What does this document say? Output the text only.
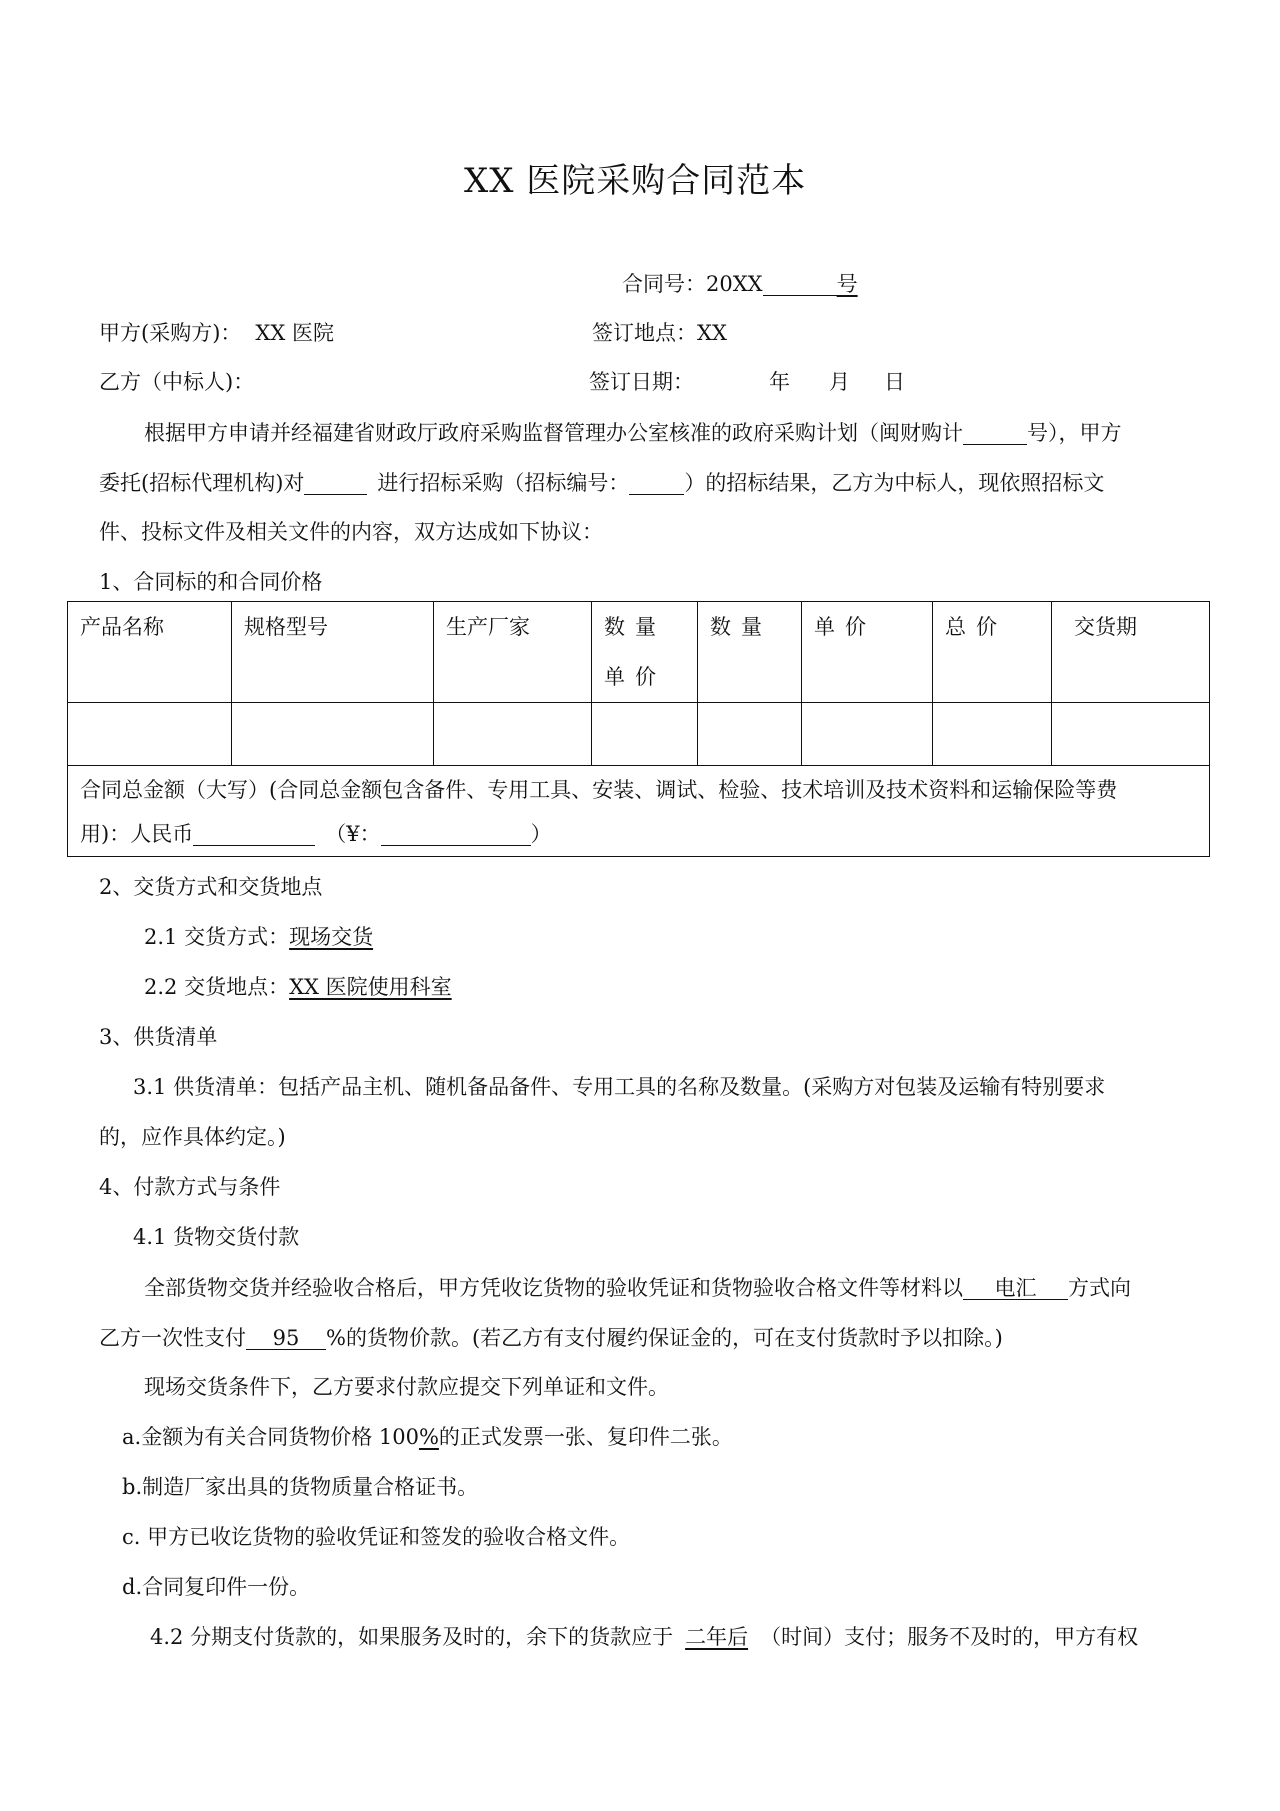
XX 医院采购合同范本
合同号：20XX	号
甲方(采购方)： XX 医院	签订地点：XX
乙方（中标人)：	签订日期：	年 月 日
根据甲方申请并经福建省财政厅政府采购监督管理办公室核准的政府采购计划（闽财购计	号），甲方
委托(招标代理机构)对	进行招标采购（招标编号：	）的招标结果，乙方为中标人，现依照招标文
件、投标文件及相关文件的内容，双方达成如下协议：
1、合同标的和合同价格
产品名称	规格型号	生产厂家	数量单价	数量	单价	总价	交货期

合同总金额（大写）(合同总金额包含备件、专用工具、安装、调试、检验、技术培训及技术资料和运输保险等费
用)：人民币 （¥： ）							
2、交货方式和交货地点
2.1 交货方式：现场交货
2.2 交货地点：XX 医院使用科室
3、供货清单
3.1 供货清单：包括产品主机、随机备品备件、专用工具的名称及数量。(采购方对包装及运输有特别要求
的，应作具体约定。)
4、付款方式与条件
4.1 货物交货付款
全部货物交货并经验收合格后，甲方凭收讫货物的验收凭证和货物验收合格文件等材料以 电汇 方式向
乙方一次性支付 95 %的货物价款。(若乙方有支付履约保证金的，可在支付货款时予以扣除。)
现场交货条件下，乙方要求付款应提交下列单证和文件。
a.金额为有关合同货物价格 100%的正式发票一张、复印件二张。
b.制造厂家出具的货物质量合格证书。
c. 甲方已收讫货物的验收凭证和签发的验收合格文件。
d.合同复印件一份。
4.2 分期支付货款的，如果服务及时的，余下的货款应于 二年后 （时间）支付；服务不及时的，甲方有权
